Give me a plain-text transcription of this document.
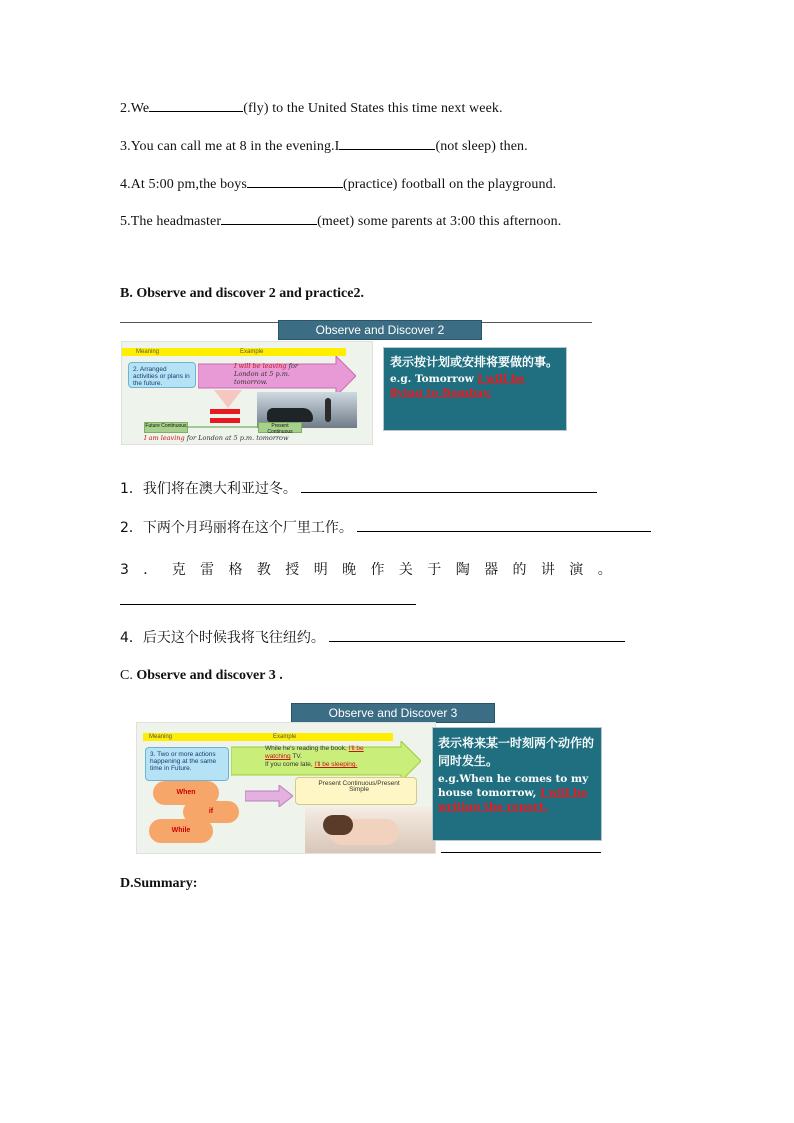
2.We	(fly) to the United States this time next week.
3.You can call me at 8 in the evening.I	(not sleep) then.
4.At 5:00 pm,the boys	(practice) football on the playground.
5.The headmaster	(meet) some parents at 3:00 this afternoon.
B. Observe and discover 2 and practice2.
Observe and Discover 2
Meaning	Example
2. Arranged activities or plans in the future.
I will be leaving for London at 5 p.m. tomorrow.
Future Continuous	Present Continuous
I am leaving for London at 5 p.m. tomorrow
表示按计划或安排将要做的事。
e.g. Tomorrow I will be flying to Bombay.
1．我们将在澳大利亚过冬。
2．下两个月玛丽将在这个厂里工作。
3．克雷格教授明晚作关于陶器的讲演。
4．后天这个时候我将飞往纽约。
C. Observe and discover 3 .
Observe and Discover 3
Meaning	Example
3. Two or more actions happening at the same time in Future.
While he's reading the book, I'll be watching TV.
If you come late, I'll be sleeping.
When
if
While
Present Continuous/Present Simple
表示将来某一时刻两个动作的同时发生。
e.g.When he comes to my house tomorrow, I will be writing the report.
D.Summary:
